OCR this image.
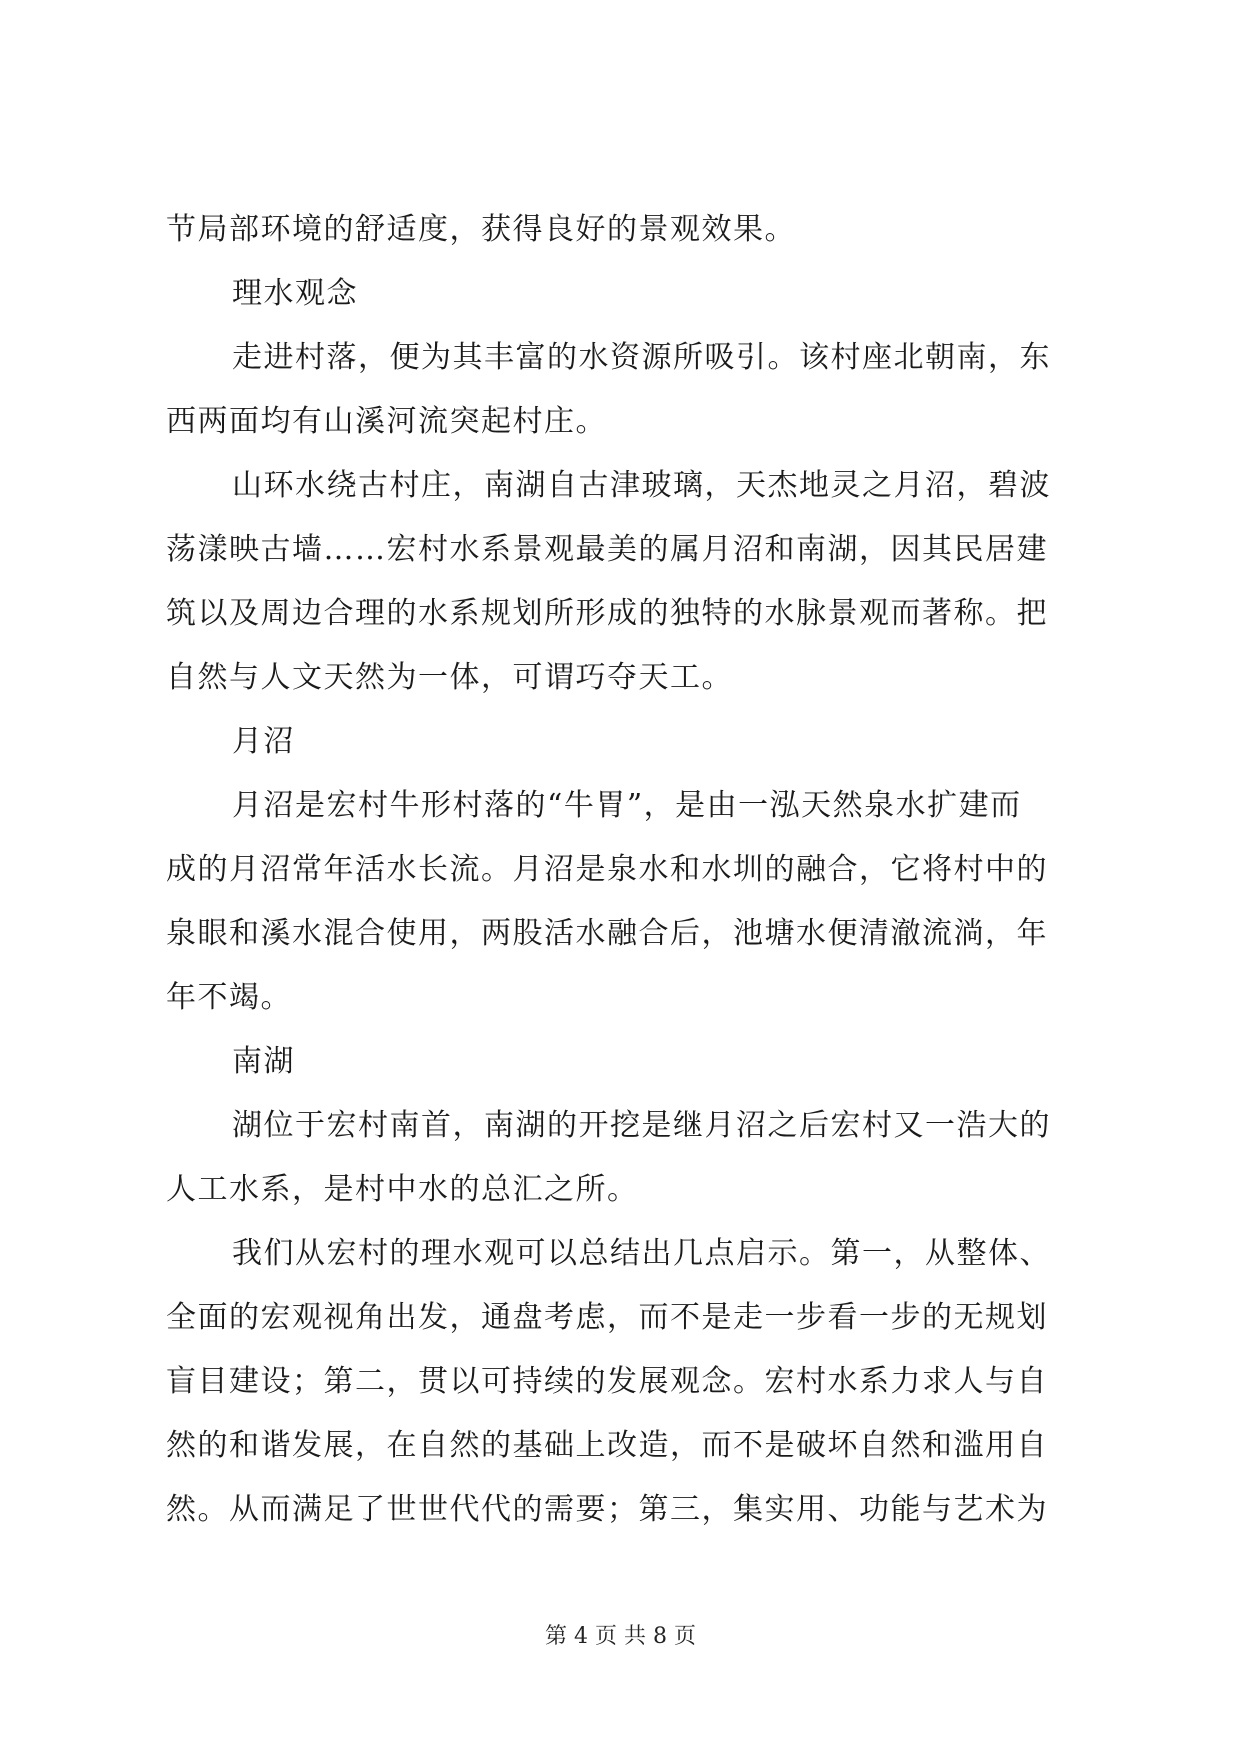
节局部环境的舒适度，获得良好的景观效果。
理水观念
走进村落，便为其丰富的水资源所吸引。该村座北朝南，东
西两面均有山溪河流突起村庄。
山环水绕古村庄，南湖自古津玻璃，天杰地灵之月沼，碧波
荡漾映古墙……宏村水系景观最美的属月沼和南湖，因其民居建
筑以及周边合理的水系规划所形成的独特的水脉景观而著称。把
自然与人文天然为一体，可谓巧夺天工。
月沼
月沼是宏村牛形村落的“牛胃”，是由一泓天然泉水扩建而
成的月沼常年活水长流。月沼是泉水和水圳的融合，它将村中的
泉眼和溪水混合使用，两股活水融合后，池塘水便清澈流淌，年
年不竭。
南湖
湖位于宏村南首，南湖的开挖是继月沼之后宏村又一浩大的
人工水系，是村中水的总汇之所。
我们从宏村的理水观可以总结出几点启示。第一，从整体、
全面的宏观视角出发，通盘考虑，而不是走一步看一步的无规划
盲目建设；第二，贯以可持续的发展观念。宏村水系力求人与自
然的和谐发展，在自然的基础上改造，而不是破坏自然和滥用自
然。从而满足了世世代代的需要；第三，集实用、功能与艺术为
第 4 页 共 8 页
